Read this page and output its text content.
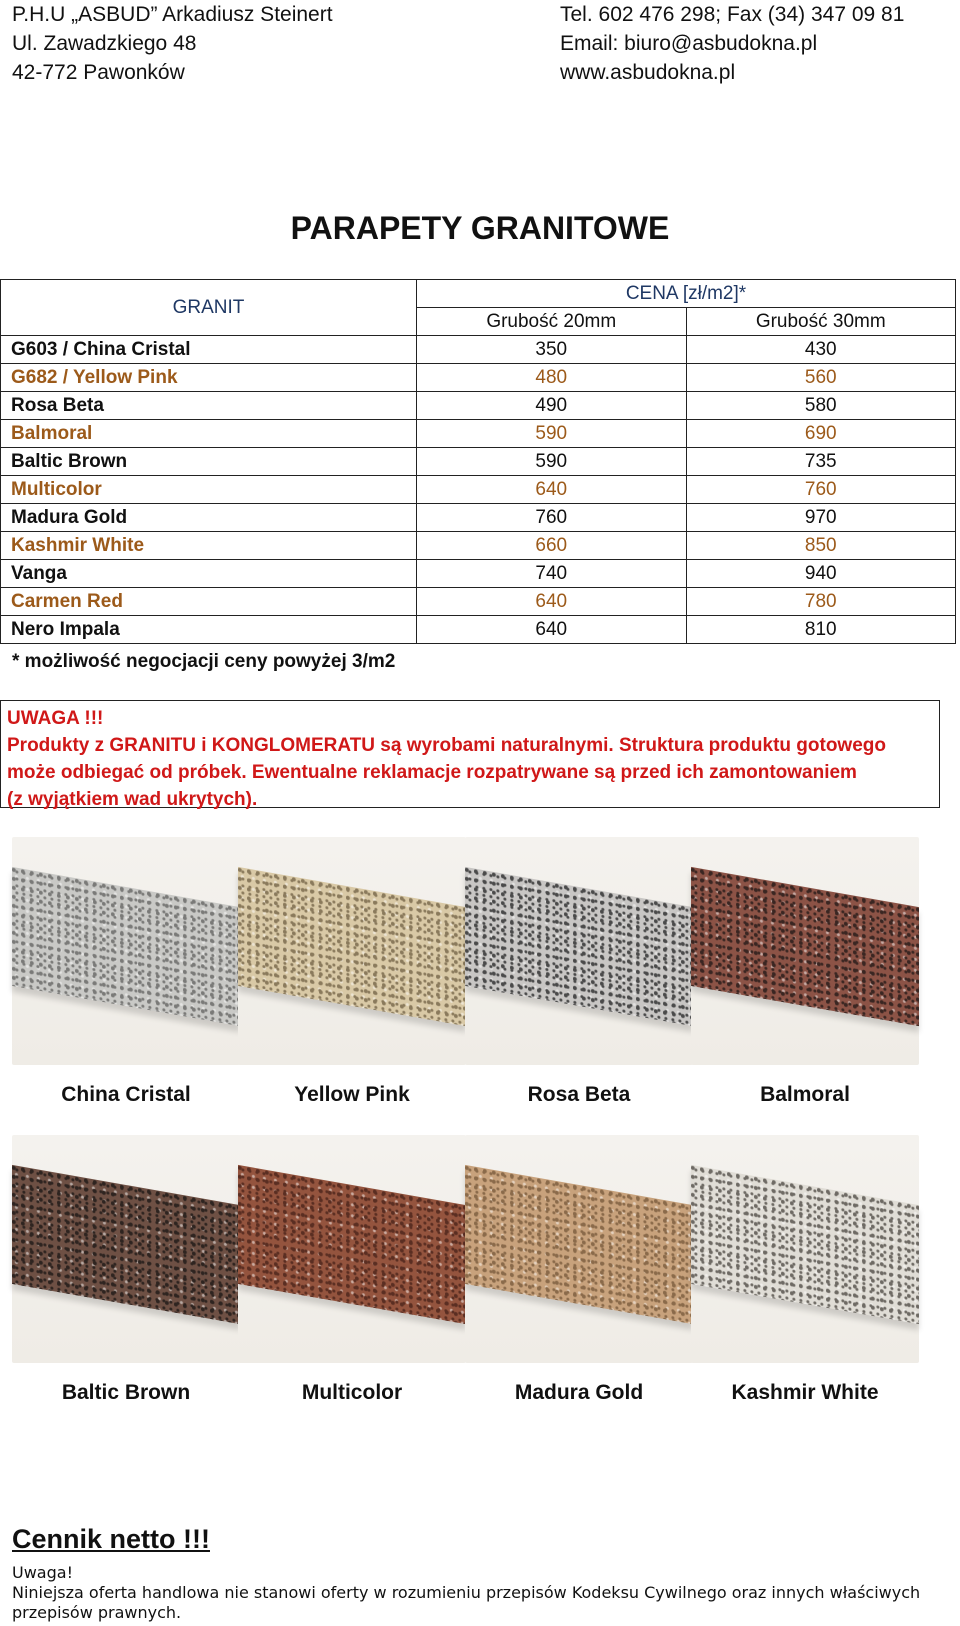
P.H.U „ASBUD” Arkadiusz Steinert
Ul. Zawadzkiego 48
42-772 Pawonków
Tel. 602 476 298; Fax (34) 347 09 81
Email: biuro@asbudokna.pl
www.asbudokna.pl
PARAPETY GRANITOWE
GRANIT	CENA [zł/m2]*	
	Grubość 20mm	Grubość 30mm
G603 / China Cristal	350	430
G682 / Yellow Pink	480	560
Rosa Beta	490	580
Balmoral	590	690
Baltic Brown	590	735
Multicolor	640	760
Madura Gold	760	970
Kashmir White	660	850
Vanga	740	940
Carmen Red	640	780
Nero Impala	640	810
* możliwość negocjacji ceny powyżej 3/m2
UWAGA !!!
Produkty z GRANITU i KONGLOMERATU są wyrobami naturalnymi. Struktura produktu gotowego
może odbiegać od próbek. Ewentualne reklamacje rozpatrywane są przed ich zamontowaniem
(z wyjątkiem wad ukrytych).
China Cristal	Yellow Pink	Rosa Beta	Balmoral
Baltic Brown	Multicolor	Madura Gold	Kashmir White
Cennik netto !!!
Uwaga!
Niniejsza oferta handlowa nie stanowi oferty w rozumieniu przepisów Kodeksu Cywilnego oraz innych właściwych
przepisów prawnych.
